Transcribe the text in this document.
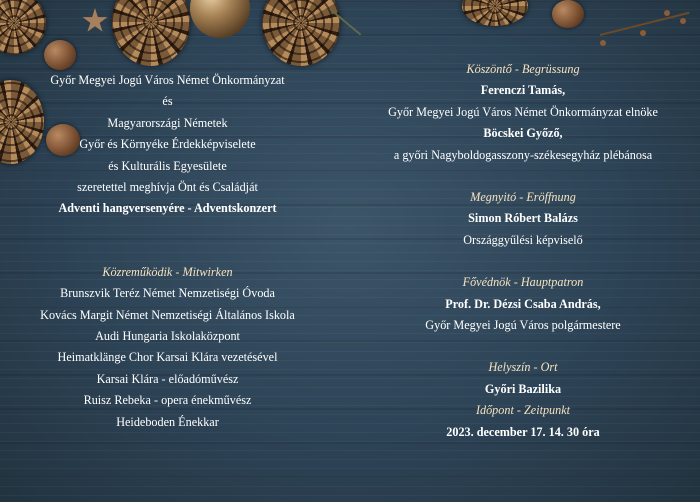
Győr Megyei Jogú Város Német Önkormányzat
és
Magyarországi Németek
Győr és Környéke Érdekképviselete
és Kulturális Egyesülete
szeretettel meghívja Önt és Családját
Adventi hangversenyére - Adventskonzert
Közreműködik - Mitwirken
Brunszvik Teréz Német Nemzetiségi Óvoda
Kovács Margit Német Nemzetiségi Általános Iskola
Audi Hungaria Iskolaközpont
Heimatklänge Chor Karsai Klára vezetésével
Karsai Klára - előadóművész
Ruisz Rebeka - opera énekművész
Heideboden Énekkar
Köszöntő - Begrüssung
Ferenczi Tamás,
Győr Megyei Jogú Város Német Önkormányzat elnöke
Böcskei Győző,
a győri Nagyboldogasszony-székesegyház plébánosa
Megnyitó - Eröffnung
Simon Róbert Balázs
Országgyűlési képviselő
Fővédnök - Hauptpatron
Prof. Dr. Dézsi Csaba András,
Győr Megyei Jogú Város polgármestere
Helyszín - Ort
Győri Bazilika
Időpont - Zeitpunkt
2023. december 17. 14. 30 óra
